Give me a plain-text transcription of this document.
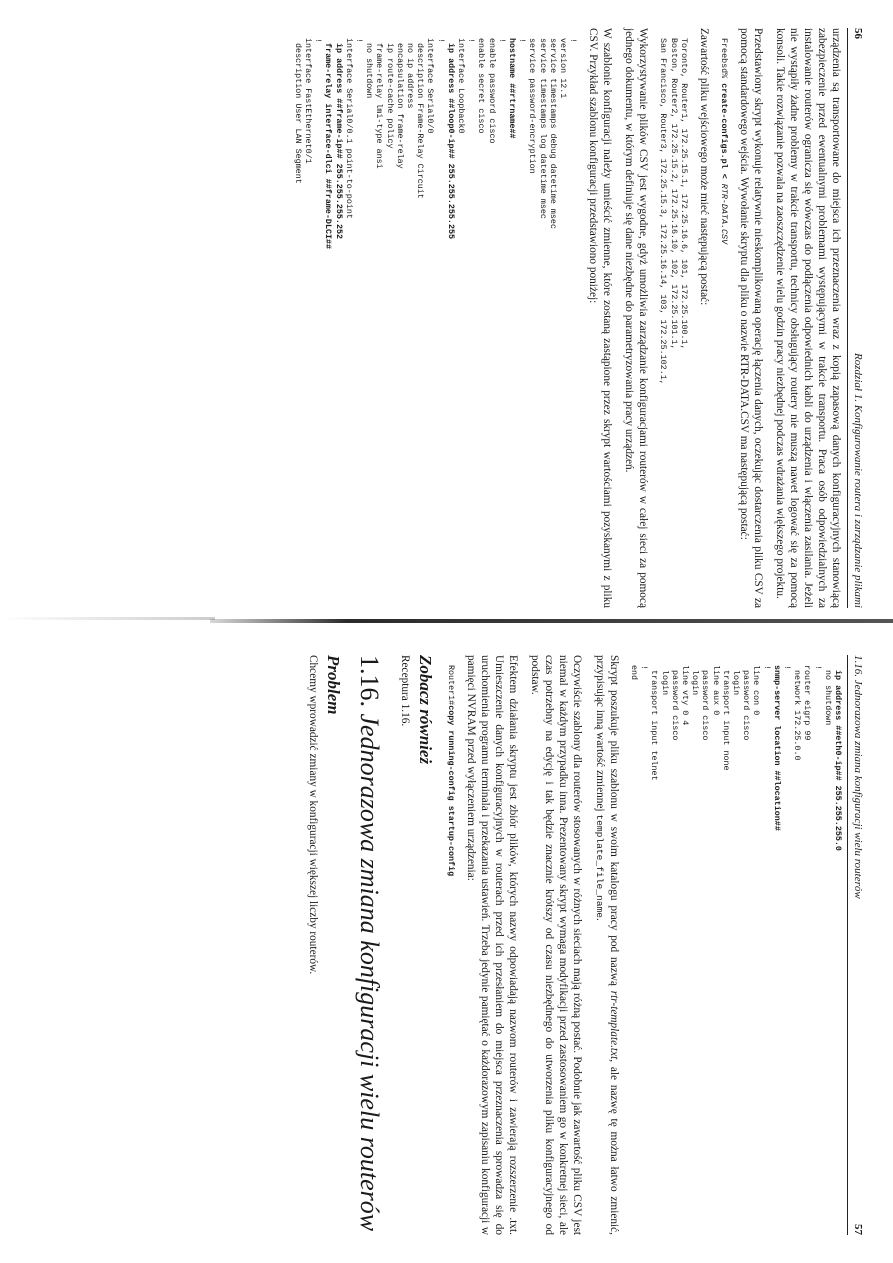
56
Rozdział 1. Konfigurowanie routera i zarządzanie plikami

urządzenia są transportowane do miejsca ich przeznaczenia wraz z kopią zapasową danych konfiguracyjnych stanowiącą zabezpieczenie przed ewentualnymi problemami występującymi w trakcie transportu. Praca osób odpowiedzialnych za instalowanie routerów ogranicza się wówczas do podłączenia odpowiednich kabli do urządzenia i włączenia zasilania. Jeżeli nie wystąpiły żadne problemy w trakcie transportu, technicy obsługujący routery nie muszą nawet logować się za pomocą konsoli. Takie rozwiązanie pozwala na zaoszczędzenie wielu godzin pracy niezbędnej podczas wdrażania większego projektu.

Przedstawiony skrypt wykonuje relatywnie nieskomplikowaną operację łączenia danych, oczekując dostarczenia pliku CSV za pomocą standardowego wejścia. Wywołanie skryptu dla pliku o nazwie RTR-DATA.CSV ma następującą postać:

Freebsd% create-configs.pl < RTR-DATA.CSV

Zawartość pliku wejściowego może mieć następującą postać:

Toronto, Router1, 172.25.15.1, 172.25.16.6, 101, 172.25.100.1,
Boston, Router2, 172.25.15.2, 172.25.16.10, 102, 172.25.101.1,
San Francisco, Router3, 172.25.15.3, 172.25.16.14, 103, 172.25.102.1,

Wykorzystywanie plików CSV jest wygodne, gdyż umożliwia zarządzanie konfiguracjami routerów w całej sieci za pomocą jednego dokumentu, w którym definiuje się dane niezbędne do parametryzowania pracy urządzeń.

W szablonie konfiguracji należy umieścić zmienne, które zostaną zastąpione przez skrypt wartościami pozyskanymi z pliku CSV. Przykład szablonu konfiguracji przedstawiono poniżej:

!
version 12.1
service timestamps debug datetime msec
service timestamps log datetime msec
service password-encryption
!
hostname ##rtrname##
!
enable password cisco
enable secret cisco
!
interface Loopback0
ip address ##loop0-ip## 255.255.255.255
!
interface Serial0/0
description Frame-Relay Circuit
no ip address
encapsulation frame-relay
ip route-cache policy
frame-relay lmi-type ansi
no shutdown
!
interface Serial0/0.1 point-to-point
ip address ##frame-ip## 255.255.255.252
frame-relay interface-dlci ##frame-DLCI##
!
interface FastEthernet0/1
description User LAN Segment
1.16. Jednorazowa zmiana konfiguracji wielu routerów
57
ip address ##eth0-ip## 255.255.255.0
no shutdown
!
router eigrp 99
network 172.25.0.0
!
snmp-server location ##location##
!
line con 0
password cisco
login
transport input none
line aux 0
password cisco
login
line vty 0 4
password cisco
login
transport input telnet
!
end

Skrypt poszukuje pliku szablonu w swoim katalogu pracy pod nazwą rtr-template.txt, ale nazwę tę można łatwo zmienić, przypisując inną wartość zmiennej template_file_name.

Oczywiście szablony dla routerów stosowanych w różnych sieciach mają różną postać. Podobnie jak zawartość pliku CSV jest niemal w każdym przypadku inna. Prezentowany skrypt wymaga modyfikacji przed zastosowaniem go w konkretnej sieci, ale czas potrzebny na edycję i tak będzie znacznie krótszy od czasu niezbędnego do utworzenia pliku konfiguracyjnego od podstaw.

Efektem działania skryptu jest zbiór plików, których nazwy odpowiadają nazwom routerów i zawierają rozszerzenie .txt. Umieszczenie danych konfiguracyjnych w routerach przed ich przesłaniem do miejsca przeznaczenia sprowadza się do uruchomienia programu terminala i przekazania ustawień. Trzeba jedynie pamiętać o każdorazowym zapisaniu konfiguracji w pamięci NVRAM przed wyłączeniem urządzenia:

Router1#copy running-config startup-config
Zobacz również

Receptura 1.16.

1.16. Jednorazowa zmiana konfiguracji wielu routerów
Problem

Chcemy wprowadzić zmiany w konfiguracji większej liczby routerów.
